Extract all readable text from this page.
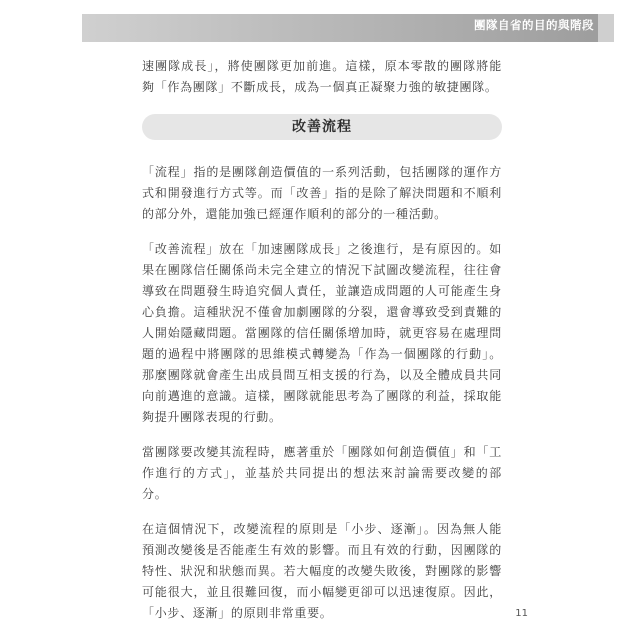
團隊自省的目的與階段

速團隊成長」，將使團隊更加前進。這樣，原本零散的團隊將能夠「作為團隊」不斷成長，成為一個真正凝聚力強的敏捷團隊。

改善流程

「流程」指的是團隊創造價值的一系列活動，包括團隊的運作方式和開發進行方式等。而「改善」指的是除了解決問題和不順利的部分外，還能加強已經運作順利的部分的一種活動。

「改善流程」放在「加速團隊成長」之後進行，是有原因的。如果在團隊信任關係尚未完全建立的情況下試圖改變流程，往往會導致在問題發生時追究個人責任，並讓造成問題的人可能產生身心負擔。這種狀況不僅會加劇團隊的分裂，還會導致受到責難的人開始隱藏問題。當團隊的信任關係增加時，就更容易在處理問題的過程中將團隊的思維模式轉變為「作為一個團隊的行動」。那麼團隊就會產生出成員間互相支援的行為，以及全體成員共同向前邁進的意識。這樣，團隊就能思考為了團隊的利益，採取能夠提升團隊表現的行動。

當團隊要改變其流程時，應著重於「團隊如何創造價值」和「工作進行的方式」，並基於共同提出的想法來討論需要改變的部分。

在這個情況下，改變流程的原則是「小步、逐漸」。因為無人能預測改變後是否能產生有效的影響。而且有效的行動，因團隊的特性、狀況和狀態而異。若大幅度的改變失敗後，對團隊的影響可能很大，並且很難回復，而小幅變更卻可以迅速復原。因此，「小步、逐漸」的原則非常重要。	11
